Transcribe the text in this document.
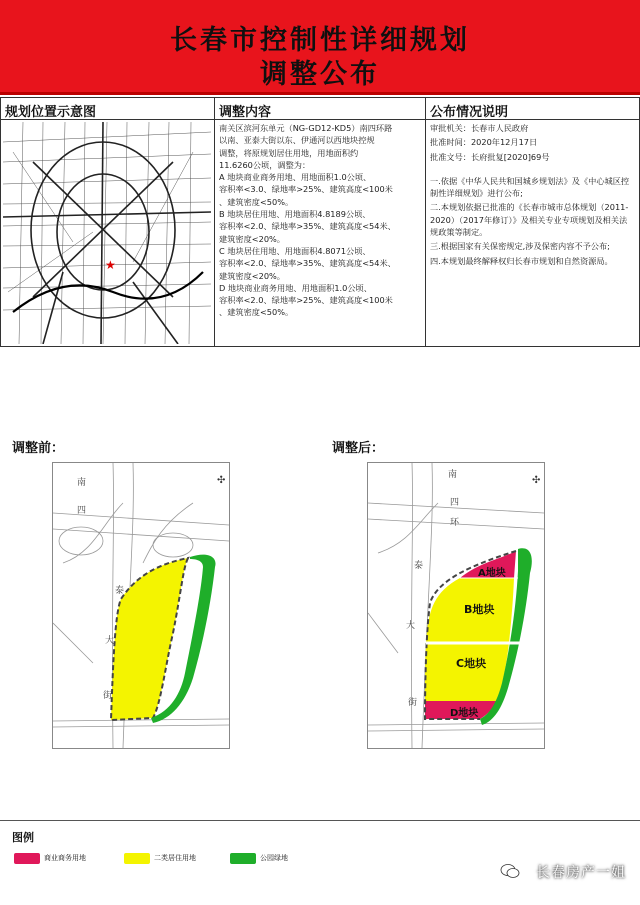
长春市控制性详细规划
调整公布
规划位置示意图
★
调整内容
南关区滨河东单元（NG-GD12-KD5）南四环路
以南、亚泰大街以东、伊通河以西地块控规
调整，将原规划居住用地，用地面积约
11.6260公顷，调整为：
A 地块商业商务用地、用地面积1.0公顷、
容积率<3.0、绿地率>25%、建筑高度<100米
、建筑密度<50%。
B 地块居住用地、用地面积4.8189公顷、
容积率<2.0、绿地率>35%、建筑高度<54米、
建筑密度<20%。
C 地块居住用地、用地面积4.8071公顷、
容积率<2.0、绿地率>35%、建筑高度<54米、
建筑密度<20%。
D 地块商业商务用地、用地面积1.0公顷、
容积率<2.0、绿地率>25%、建筑高度<100米
、建筑密度<50%。
公布情况说明

审批机关：长春市人民政府

批准时间：2020年12月17日

批准文号：长府批复[2020]69号

一.依据《中华人民共和国城乡规划法》及《中心城区控制性详细规划》进行公布;

二.本规划依据已批准的《长春市城市总体规划（2011-2020）（2017年修订）》及相关专业专项规划及相关法规政策等制定。

三.根据国家有关保密规定,涉及保密内容不予公布;

四.本规划最终解释权归长春市规划和自然资源局。

调整前：	调整后：
南
四
泰
大
街
✣
A地块
B地块
C地块
D地块
南
四
环
泰
大
街
✣
图例
商业商务用地	二类居住用地	公园绿地
长春房产一姐
